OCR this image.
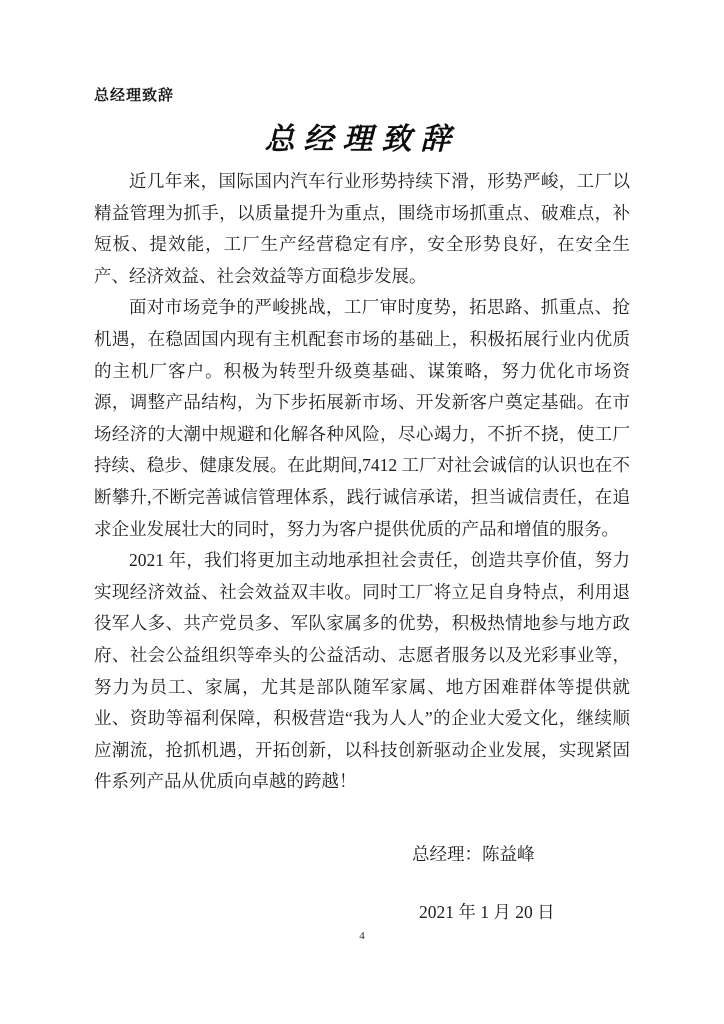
总经理致辞
总经理致辞

近几年来，国际国内汽车行业形势持续下滑，形势严峻，工厂以精益管理为抓手，以质量提升为重点，围绕市场抓重点、破难点，补短板、提效能，工厂生产经营稳定有序，安全形势良好，在安全生产、经济效益、社会效益等方面稳步发展。

面对市场竞争的严峻挑战，工厂审时度势，拓思路、抓重点、抢机遇，在稳固国内现有主机配套市场的基础上，积极拓展行业内优质的主机厂客户。积极为转型升级奠基础、谋策略，努力优化市场资源，调整产品结构，为下步拓展新市场、开发新客户奠定基础。在市场经济的大潮中规避和化解各种风险，尽心竭力，不折不挠，使工厂持续、稳步、健康发展。在此期间,7412 工厂对社会诚信的认识也在不断攀升,不断完善诚信管理体系，践行诚信承诺，担当诚信责任，在追求企业发展壮大的同时，努力为客户提供优质的产品和增值的服务。

2021 年，我们将更加主动地承担社会责任，创造共享价值，努力实现经济效益、社会效益双丰收。同时工厂将立足自身特点，利用退役军人多、共产党员多、军队家属多的优势，积极热情地参与地方政府、社会公益组织等牵头的公益活动、志愿者服务以及光彩事业等，努力为员工、家属，尤其是部队随军家属、地方困难群体等提供就业、资助等福利保障，积极营造“我为人人”的企业大爱文化，继续顺应潮流，抢抓机遇，开拓创新，以科技创新驱动企业发展，实现紧固件系列产品从优质向卓越的跨越！

总经理：陈益峰
2021 年 1 月 20 日
4
